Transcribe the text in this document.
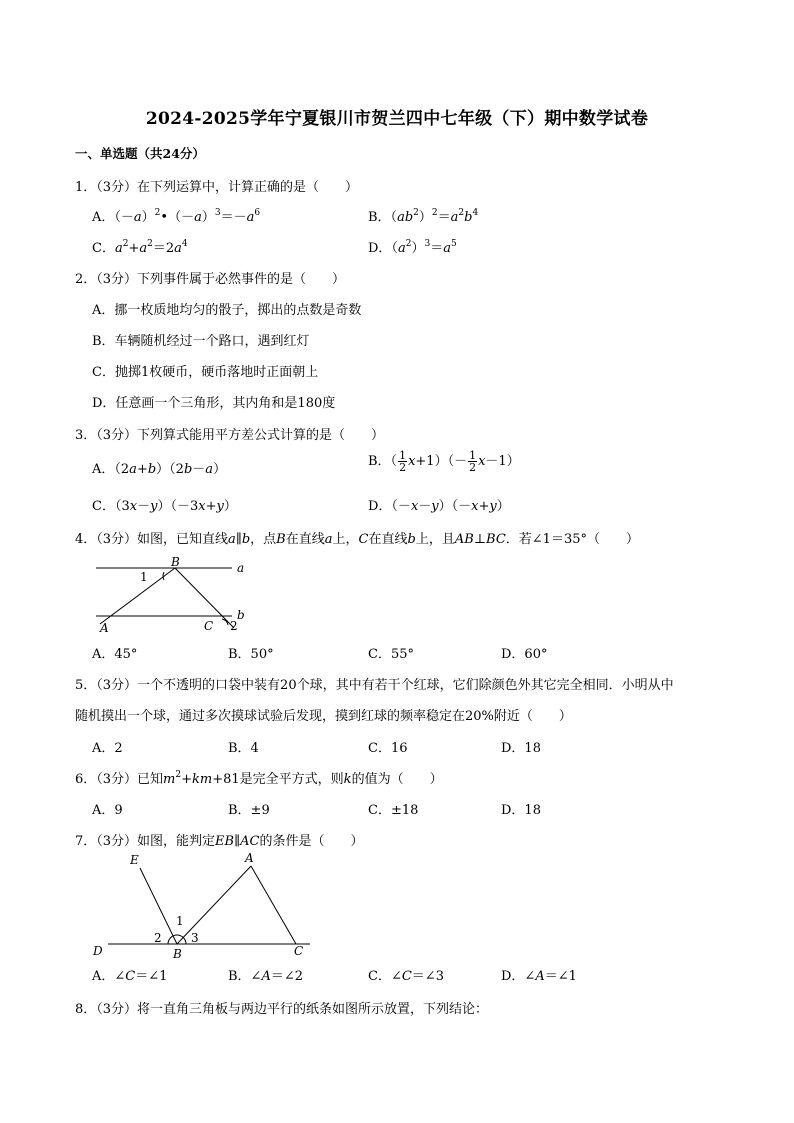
2024-2025学年宁夏银川市贺兰四中七年级（下）期中数学试卷
一、单选题（共24分）
1．（3分）在下列运算中，计算正确的是（　　）
A．$(-a)^2•(-a)^3=-a^6$	B．$(ab^2)^2=a^2b^4$
C．$a^2+a^2=2a^4$	D．$(a^2)^3=a^5$
2．（3分）下列事件属于必然事件的是（　　）
A．挪一枚质地均匀的骰子，掷出的点数是奇数
B．车辆随机经过一个路口，遇到红灯
C．抛掷1枚硬币，硬币落地时正面朝上
D．任意画一个三角形，其内角和是180度
3．（3分）下列算式能用平方差公式计算的是（　　）
A．（2a+b）（2b－a）
B．（ $\frac{1}{2} x+1)(- \frac{1}{2} x-1)$
C．（3x－y）（－3x+y）	D．（－x－y）（－x+y）
4．（3分）如图，已知直线a∥b，点B在直线a上，C在直线b上，且AB⊥BC．若∠1＝35°（　　）
B	a
b
A	C
1
2
A．45°	B．50°	C．55°	D．60°
5．（3分）一个不透明的口袋中装有20个球，其中有若干个红球，它们除颜色外其它完全相同．小明从中
随机摸出一个球，通过多次摸球试验后发现，摸到红球的频率稳定在20%附近（　　）
A．2	B．4	C．16	D．18
6．（3分）已知$m^2+km+81$是完全平方式，则k的值为（　　）
A．9	B．±9	C．±18	D．18
7．（3分）如图，能判定EB∥AC的条件是（　　）
E	A
D	B	C
1
2 3
A．∠C＝∠1	B．∠A＝∠2	C．∠C＝∠3	D．∠A＝∠1
8．（3分）将一直角三角板与两边平行的纸条如图所示放置，下列结论：
